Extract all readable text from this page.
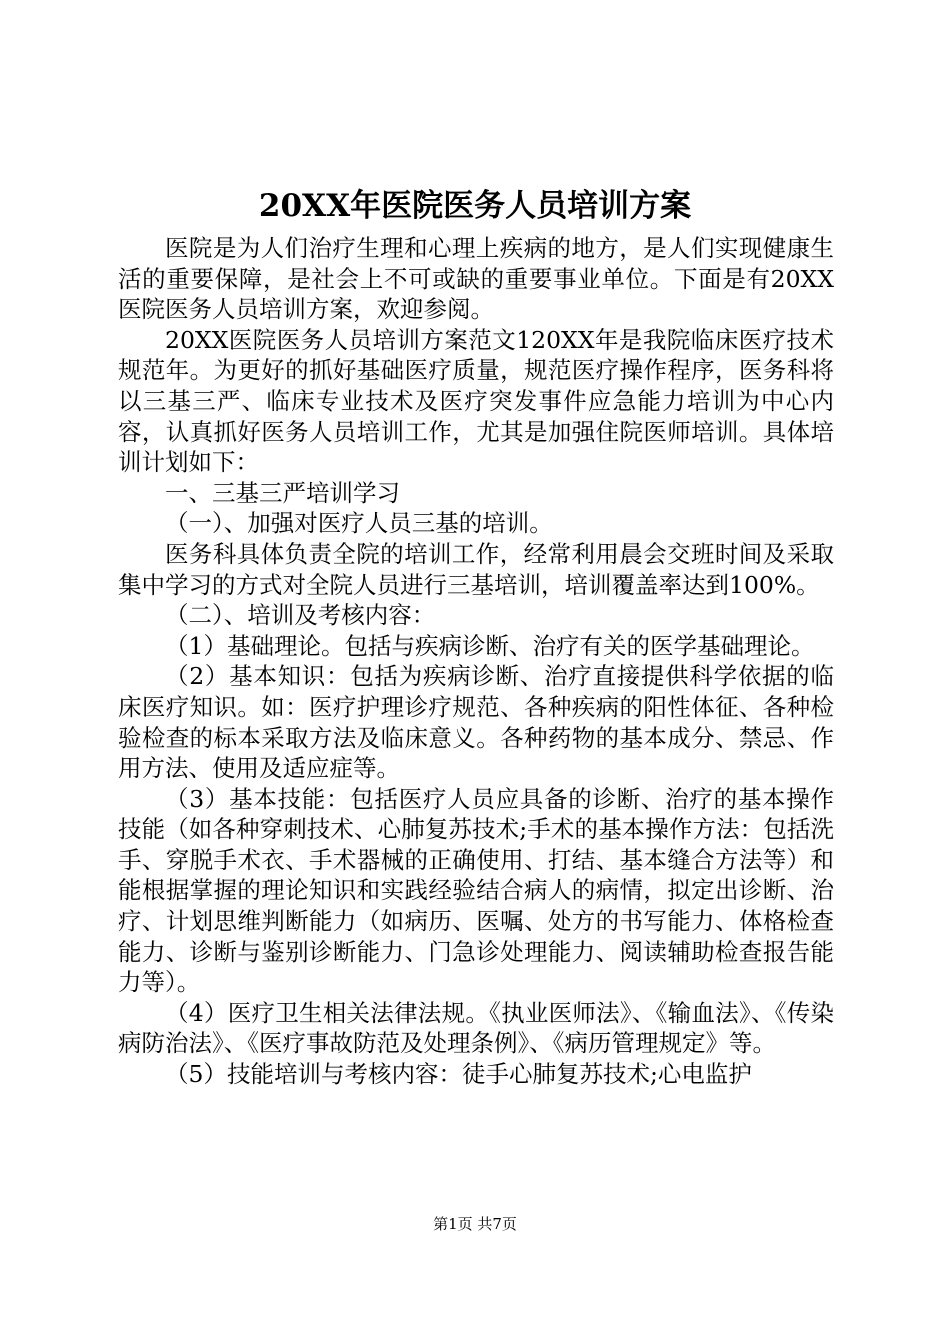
20XX年医院医务人员培训方案

医院是为人们治疗生理和心理上疾病的地方，是人们实现健康生活的重要保障，是社会上不可或缺的重要事业单位。下面是有20XX医院医务人员培训方案，欢迎参阅。

20XX医院医务人员培训方案范文120XX年是我院临床医疗技术规范年。为更好的抓好基础医疗质量，规范医疗操作程序，医务科将以三基三严、临床专业技术及医疗突发事件应急能力培训为中心内容，认真抓好医务人员培训工作，尤其是加强住院医师培训。具体培训计划如下：

一、三基三严培训学习

（一）、加强对医疗人员三基的培训。

医务科具体负责全院的培训工作，经常利用晨会交班时间及采取集中学习的方式对全院人员进行三基培训，培训覆盖率达到100%。

（二）、培训及考核内容：

（1）基础理论。包括与疾病诊断、治疗有关的医学基础理论。

（2）基本知识：包括为疾病诊断、治疗直接提供科学依据的临床医疗知识。如：医疗护理诊疗规范、各种疾病的阳性体征、各种检验检查的标本采取方法及临床意义。各种药物的基本成分、禁忌、作用方法、使用及适应症等。

（3）基本技能：包括医疗人员应具备的诊断、治疗的基本操作技能（如各种穿刺技术、心肺复苏技术;手术的基本操作方法：包括洗手、穿脱手术衣、手术器械的正确使用、打结、基本缝合方法等）和能根据掌握的理论知识和实践经验结合病人的病情，拟定出诊断、治疗、计划思维判断能力（如病历、医嘱、处方的书写能力、体格检查能力、诊断与鉴别诊断能力、门急诊处理能力、阅读辅助检查报告能力等）。

（4）医疗卫生相关法律法规。《执业医师法》、《输血法》、《传染病防治法》、《医疗事故防范及处理条例》、《病历管理规定》等。

（5）技能培训与考核内容：徒手心肺复苏技术;心电监护

第1页 共7页
